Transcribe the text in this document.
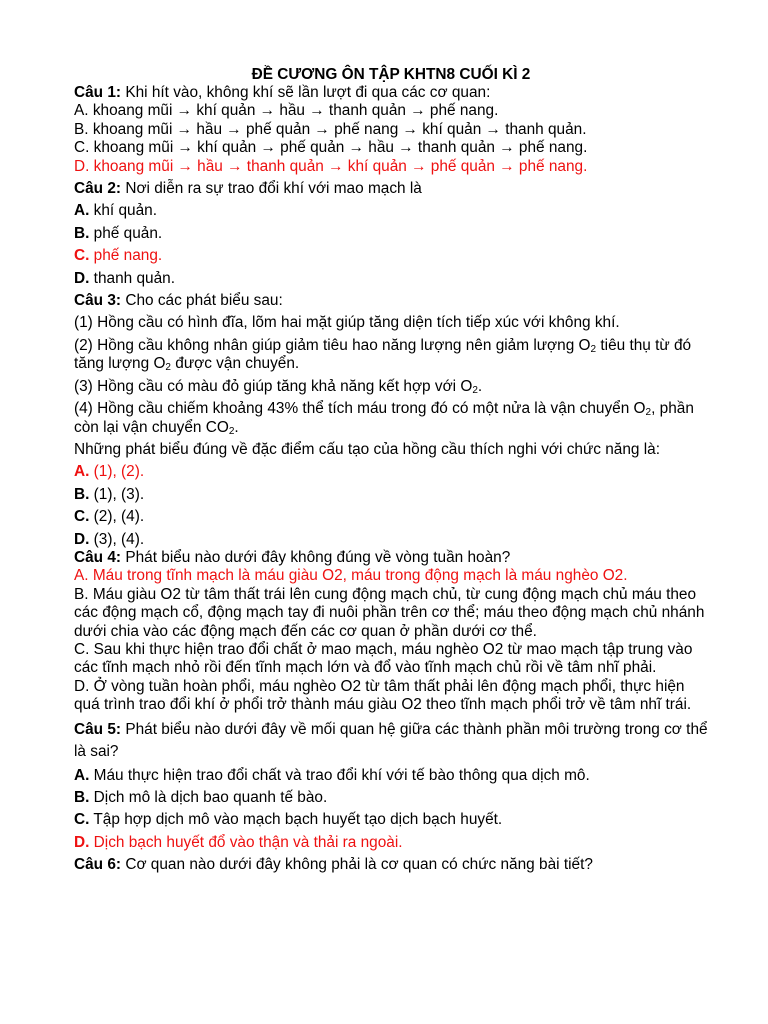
ĐỀ CƯƠNG ÔN TẬP KHTN8 CUỐI KÌ 2

Câu 1: Khi hít vào, không khí sẽ lần lượt đi qua các cơ quan:

A. khoang mũi → khí quản → hầu → thanh quản → phế nang.

B. khoang mũi → hầu → phế quản → phế nang → khí quản → thanh quản.

C. khoang mũi → khí quản → phế quản → hầu → thanh quản → phế nang.

D. khoang mũi → hầu → thanh quản → khí quản → phế quản → phế nang.

Câu 2: Nơi diễn ra sự trao đổi khí với mao mạch là

A. khí quản.

B. phế quản.

C. phế nang.

D. thanh quản.

Câu 3: Cho các phát biểu sau:

(1) Hồng cầu có hình đĩa, lõm hai mặt giúp tăng diện tích tiếp xúc với không khí.

(2) Hồng cầu không nhân giúp giảm tiêu hao năng lượng nên giảm lượng $O_2$ tiêu thụ từ đó tăng lượng $O_2$ được vận chuyển.

(3) Hồng cầu có màu đỏ giúp tăng khả năng kết hợp với $O_2$.

(4) Hồng cầu chiếm khoảng 43% thể tích máu trong đó có một nửa là vận chuyển $O_2$, phần còn lại vận chuyển $CO_2$.

Những phát biểu đúng về đặc điểm cấu tạo của hồng cầu thích nghi với chức năng là:

A. (1), (2).

B. (1), (3).

C. (2), (4).

D. (3), (4).

Câu 4: Phát biểu nào dưới đây không đúng về vòng tuần hoàn?

A. Máu trong tĩnh mạch là máu giàu O2, máu trong động mạch là máu nghèo O2.

B. Máu giàu O2 từ tâm thất trái lên cung động mạch chủ, từ cung động mạch chủ máu theo các động mạch cổ, động mạch tay đi nuôi phần trên cơ thể; máu theo động mạch chủ nhánh dưới chia vào các động mạch đến các cơ quan ở phần dưới cơ thể.

C. Sau khi thực hiện trao đổi chất ở mao mạch, máu nghèo O2 từ mao mạch tập trung vào các tĩnh mạch nhỏ rồi đến tĩnh mạch lớn và đổ vào tĩnh mạch chủ rồi về tâm nhĩ phải.

D. Ở vòng tuần hoàn phổi, máu nghèo O2 từ tâm thất phải lên động mạch phổi, thực hiện quá trình trao đổi khí ở phổi trở thành máu giàu O2 theo tĩnh mạch phổi trở về tâm nhĩ trái.

Câu 5: Phát biểu nào dưới đây về mối quan hệ giữa các thành phần môi trường trong cơ thể là sai?

A. Máu thực hiện trao đổi chất và trao đổi khí với tế bào thông qua dịch mô.

B. Dịch mô là dịch bao quanh tế bào.

C. Tập hợp dịch mô vào mạch bạch huyết tạo dịch bạch huyết.

D. Dịch bạch huyết đổ vào thận và thải ra ngoài.

Câu 6: Cơ quan nào dưới đây không phải là cơ quan có chức năng bài tiết?
